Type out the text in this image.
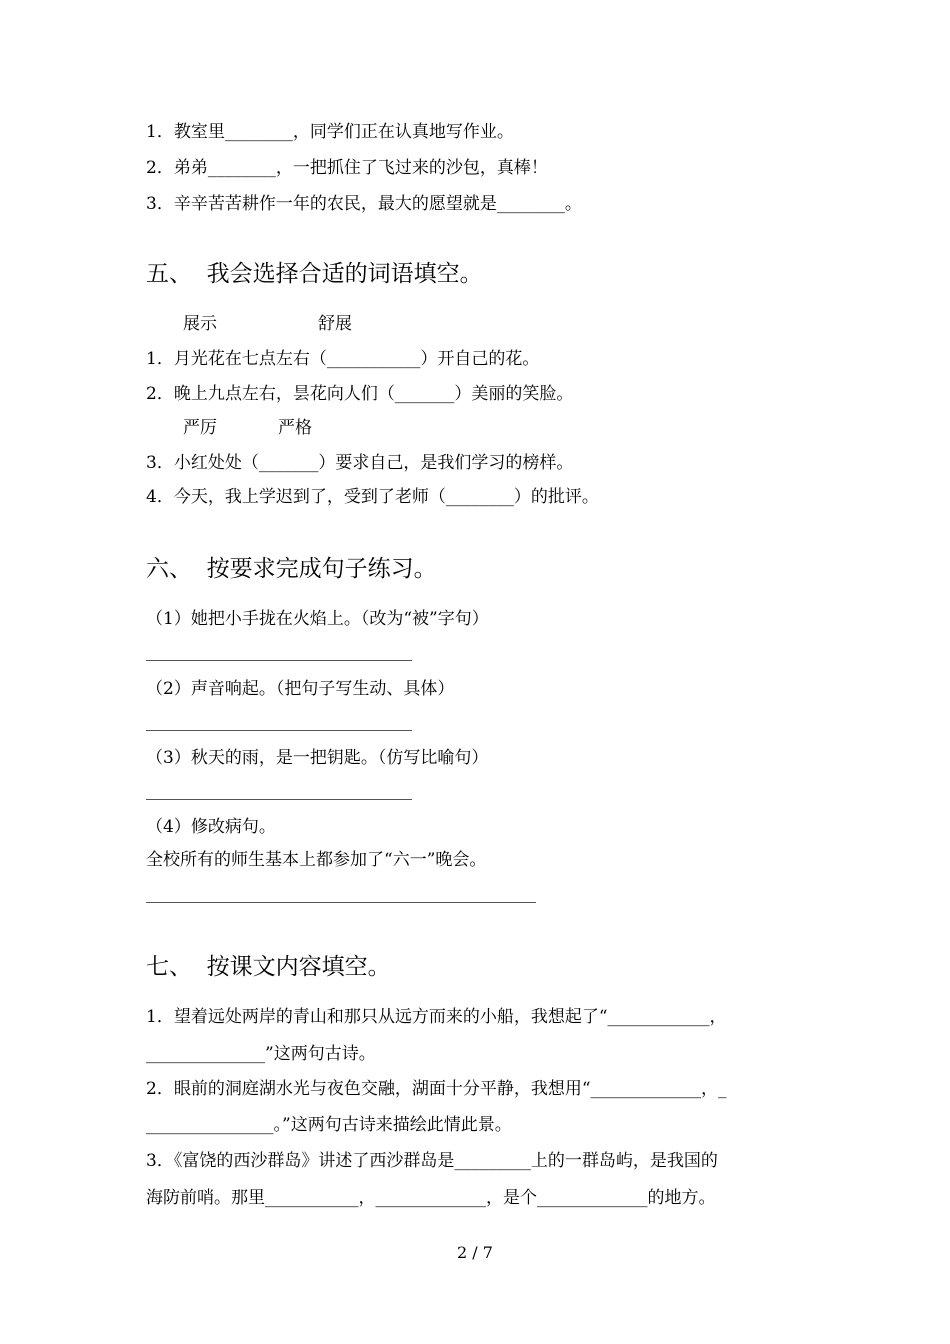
1．教室里________，同学们正在认真地写作业。
2．弟弟________，一把抓住了飞过来的沙包，真棒！
3．辛辛苦苦耕作一年的农民，最大的愿望就是________。
五、  我会选择合适的词语填空。
展示	舒展
1．月光花在七点左右（___________）开自己的花。
2．晚上九点左右，昙花向人们（_______）美丽的笑脸。
严厉	严格
3．小红处处（_______）要求自己，是我们学习的榜样。
4．今天，我上学迟到了，受到了老师（________）的批评。
六、  按要求完成句子练习。
（1）她把小手拢在火焰上。（改为“被”字句）
（2）声音响起。（把句子写生动、具体）
（3）秋天的雨，是一把钥匙。（仿写比喻句）
（4）修改病句。
全校所有的师生基本上都参加了“六一”晚会。
七、  按课文内容填空。
1．望着远处两岸的青山和那只从远方而来的小船，我想起了“____________，
______________”这两句古诗。
2．眼前的洞庭湖水光与夜色交融，湖面十分平静，我想用“_____________，_
_______________。”这两句古诗来描绘此情此景。
3．《富饶的西沙群岛》讲述了西沙群岛是_________上的一群岛屿，是我国的
海防前哨。那里___________，_____________，是个_____________的地方。
2 / 7
